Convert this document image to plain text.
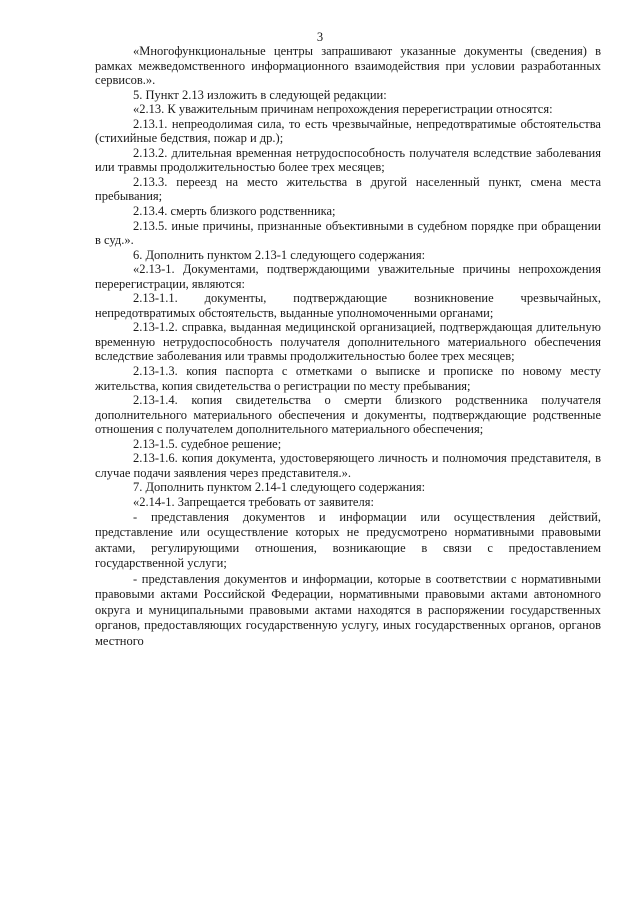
3

«Многофункциональные центры запрашивают указанные документы (сведения) в рамках межведомственного информационного взаимодействия при условии разработанных сервисов.».

5. Пункт 2.13 изложить в следующей редакции:

«2.13. К уважительным причинам непрохождения перерегистрации относятся:

2.13.1. непреодолимая сила, то есть чрезвычайные, непредотвратимые обстоятельства (стихийные бедствия, пожар и др.);

2.13.2. длительная временная нетрудоспособность получателя вследствие заболевания или травмы продолжительностью более трех месяцев;

2.13.3. переезд на место жительства в другой населенный пункт, смена места пребывания;

2.13.4. смерть близкого родственника;

2.13.5. иные причины, признанные объективными в судебном порядке при обращении в суд.».

6. Дополнить пунктом 2.13-1 следующего содержания:

«2.13-1. Документами, подтверждающими уважительные причины непрохождения перерегистрации, являются:

2.13-1.1. документы, подтверждающие возникновение чрезвычайных, непредотвратимых обстоятельств, выданные уполномоченными органами;

2.13-1.2. справка, выданная медицинской организацией, подтверждающая длительную временную нетрудоспособность получателя дополнительного материального обеспечения вследствие заболевания или травмы продолжительностью более трех месяцев;

2.13-1.3. копия паспорта с отметками о выписке и прописке по новому месту жительства, копия свидетельства о регистрации по месту пребывания;

2.13-1.4. копия свидетельства о смерти близкого родственника получателя дополнительного материального обеспечения и документы, подтверждающие родственные отношения с получателем дополнительного материального обеспечения;

2.13-1.5. судебное решение;

2.13-1.6. копия документа, удостоверяющего личность и полномочия представителя, в случае подачи заявления через представителя.».

7. Дополнить пунктом 2.14-1 следующего содержания:

«2.14-1. Запрещается требовать от заявителя:

- представления документов и информации или осуществления действий, представление или осуществление которых не предусмотрено нормативными правовыми актами, регулирующими отношения, возникающие в связи с предоставлением государственной услуги;

- представления документов и информации, которые в соответствии с нормативными правовыми актами Российской Федерации, нормативными правовыми актами автономного округа и муниципальными правовыми актами находятся в распоряжении государственных органов, предоставляющих государственную услугу, иных государственных органов, органов местного
